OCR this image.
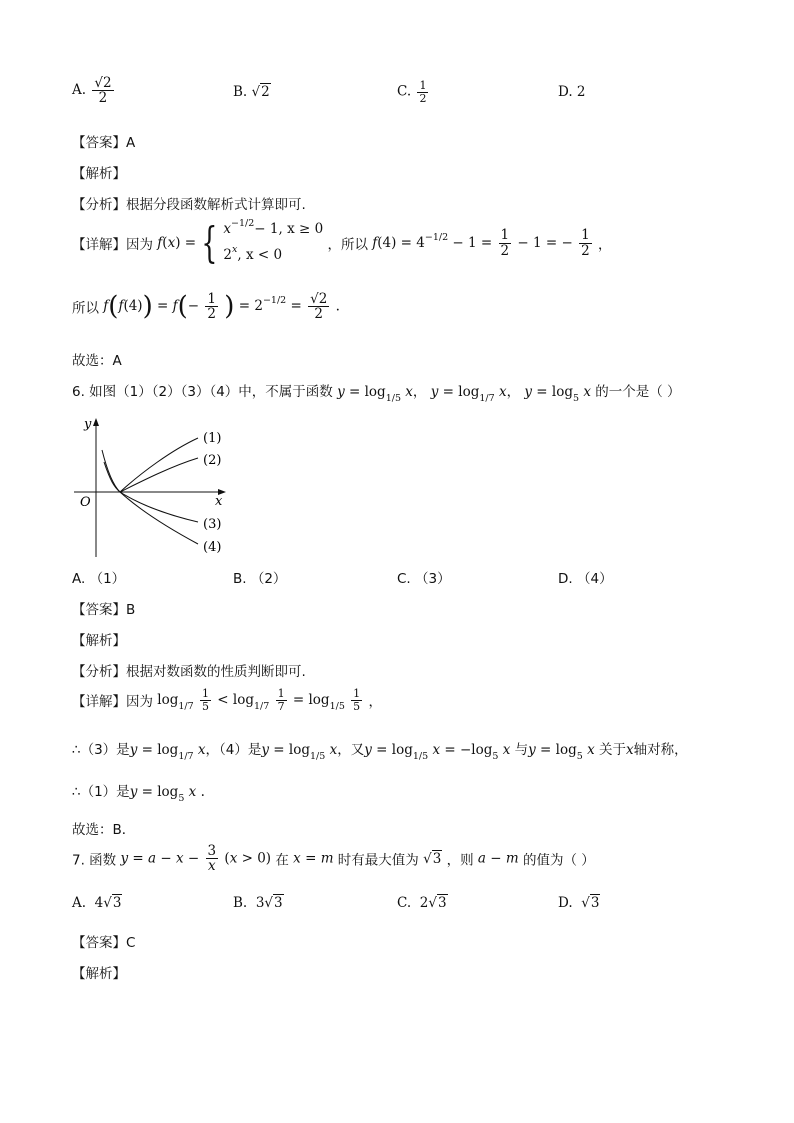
A. $\frac{√2}{2}$	B. √2	C. $\frac{1}{2}$	D. 2
【答案】A
【解析】
【分析】根据分段函数解析式计算即可.
【详解】因为 f(x) = { $x^{-1/2}- 1$, x ≥ 0
2$^x$, x < 0
，所以 $f(4) = 4^{-1/2} - 1 = \frac{1}{2} - 1$ = − $\frac{1}{2}$ ，
所以 $f(f(4)) = f(- \frac{1}{2}$ ) = $2^{-1/2} = \frac{√2}{2}$ .
故选：A
6. 如图（1）（2）（3）（4）中，不属于函数 $y = \log_{1/5} x$， $y = \log_{1/7} x$， $y = \log_5 x$ 的一个是（ ）
y
x
O
(1)
(2)
(3)
(4)
A. （1）	B. （2）	C. （3）	D. （4）
【答案】B
【解析】
【分析】根据对数函数的性质判断即可.
【详解】因为 $\log_{1/7} \frac{1}{5} < \log_{1/7} \frac{1}{7} = \log_{1/5} \frac{1}{5}$ ，
∴（3）是$y = \log_{1/7} x$，（4）是$y = \log_{1/5} x$，又$y = \log_{1/5} x = -\log_5$ x 与$y = \log_5 x$ 关于x轴对称，
∴（1）是$y = \log_5 x$ .
故选：B．
7. 函数 $y = a - x - \frac{3}{x} (x > 0)$ 在 x = m 时有最大值为 √3 ，则 a − m 的值为（ ）
A. 4√3	B. 3√3	C. 2√3	D. √3
【答案】C
【解析】
